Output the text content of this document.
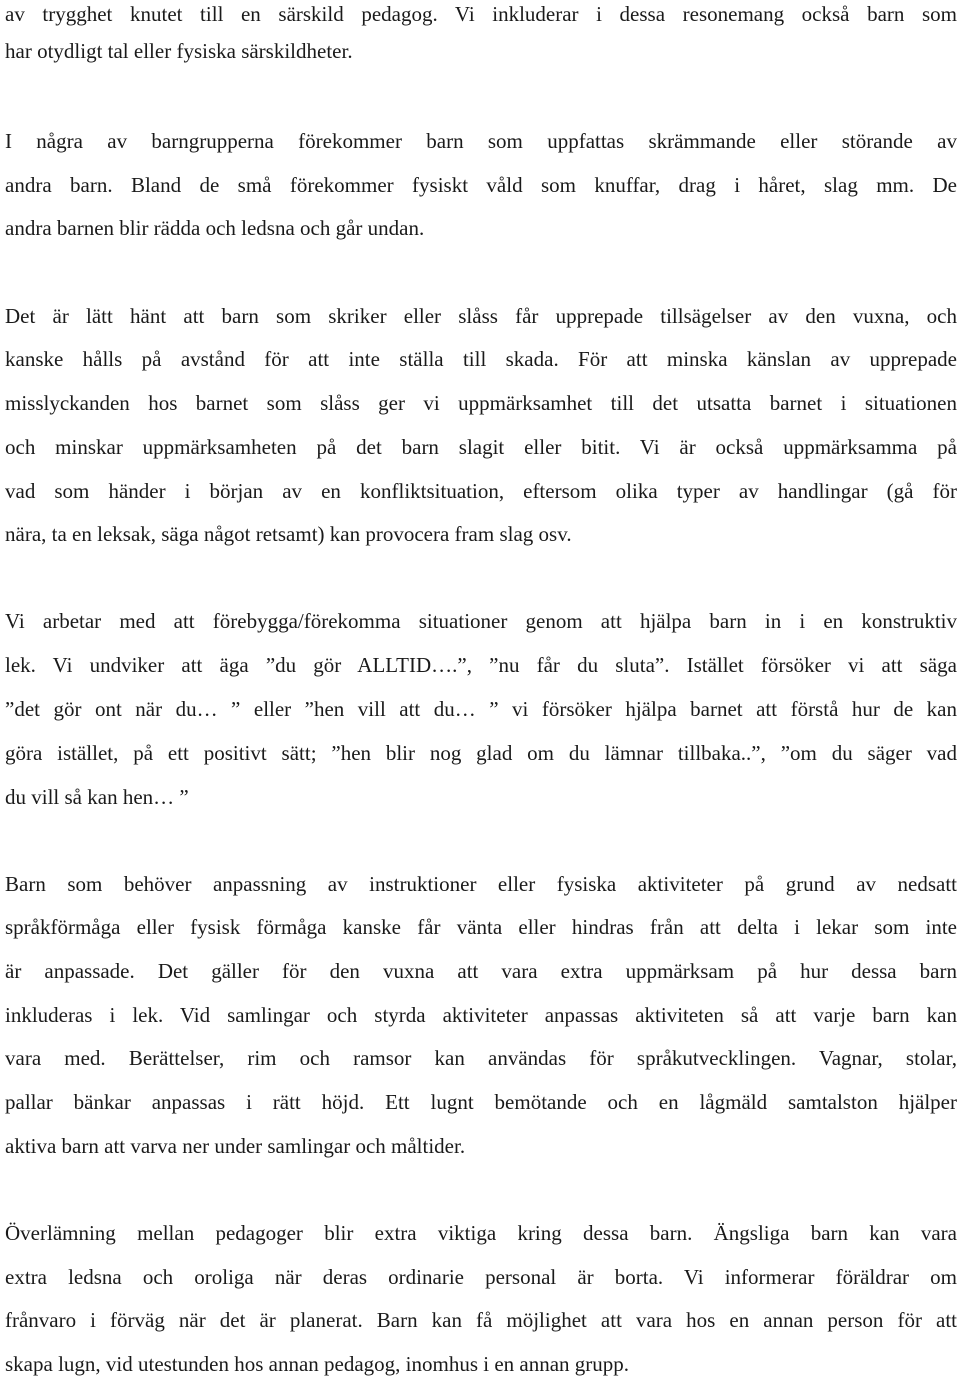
av trygghet knutet till en särskild pedagog. Vi inkluderar i dessa resonemang också barn som
har otydligt tal eller fysiska särskildheter.
I några av barngrupperna förekommer barn som uppfattas skrämmande eller störande av
andra barn. Bland de små förekommer fysiskt våld som knuffar, drag i håret, slag mm. De
andra barnen blir rädda och ledsna och går undan.
Det är lätt hänt att barn som skriker eller slåss får upprepade tillsägelser av den vuxna, och
kanske hålls på avstånd för att inte ställa till skada. För att minska känslan av upprepade
misslyckanden hos barnet som slåss ger vi uppmärksamhet till det utsatta barnet i situationen
och minskar uppmärksamheten på det barn slagit eller bitit. Vi är också uppmärksamma på
vad som händer i början av en konfliktsituation, eftersom olika typer av handlingar (gå för
nära, ta en leksak, säga något retsamt) kan provocera fram slag osv.
Vi arbetar med att förebygga/förekomma situationer genom att hjälpa barn in i en konstruktiv
lek. Vi undviker att äga ”du gör ALLTID….”, ”nu får du sluta”. Istället försöker vi att säga
”det gör ont när du… ” eller ”hen vill att du… ” vi försöker hjälpa barnet att förstå hur de kan
göra istället, på ett positivt sätt; ”hen blir nog glad om du lämnar tillbaka..”, ”om du säger vad
du vill så kan hen… ”
Barn som behöver anpassning av instruktioner eller fysiska aktiviteter på grund av nedsatt
språkförmåga eller fysisk förmåga kanske får vänta eller hindras från att delta i lekar som inte
är anpassade. Det gäller för den vuxna att vara extra uppmärksam på hur dessa barn
inkluderas i lek. Vid samlingar och styrda aktiviteter anpassas aktiviteten så att varje barn kan
vara med. Berättelser, rim och ramsor kan användas för språkutvecklingen. Vagnar, stolar,
pallar bänkar anpassas i rätt höjd. Ett lugnt bemötande och en lågmäld samtalston hjälper
aktiva barn att varva ner under samlingar och måltider.
Överlämning mellan pedagoger blir extra viktiga kring dessa barn. Ängsliga barn kan vara
extra ledsna och oroliga när deras ordinarie personal är borta. Vi informerar föräldrar om
frånvaro i förväg när det är planerat. Barn kan få möjlighet att vara hos en annan person för att
skapa lugn, vid utestunden hos annan pedagog, inomhus i en annan grupp.
